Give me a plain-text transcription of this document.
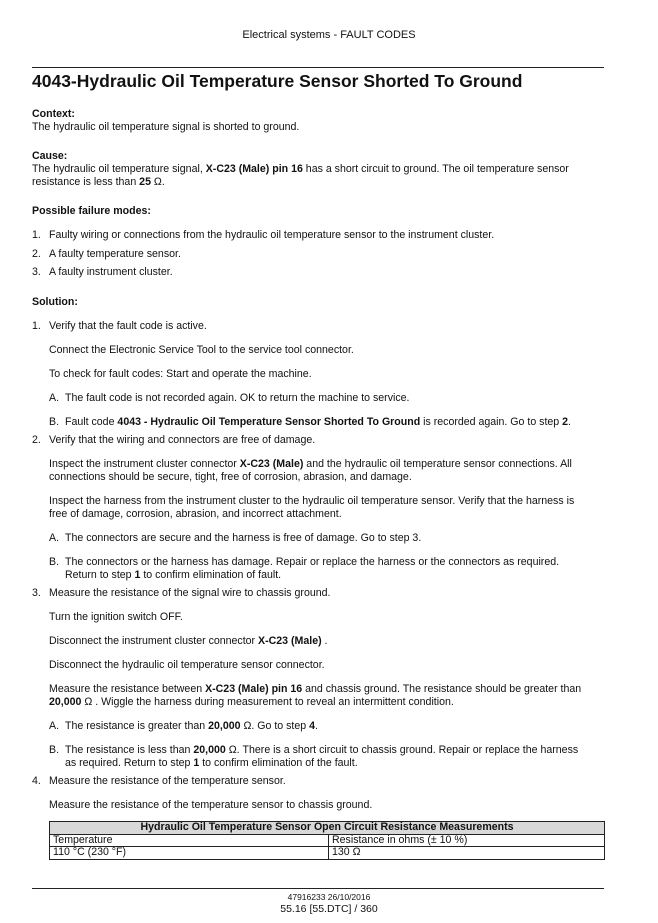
Electrical systems - FAULT CODES
4043-Hydraulic Oil Temperature Sensor Shorted To Ground
Context:
The hydraulic oil temperature signal is shorted to ground.
Cause:
The hydraulic oil temperature signal, X-C23 (Male) pin 16 has a short circuit to ground. The oil temperature sensor
resistance is less than 25 Ω.
Possible failure modes:
1. Faulty wiring or connections from the hydraulic oil temperature sensor to the instrument cluster.
2. A faulty temperature sensor.
3. A faulty instrument cluster.
Solution:
1. Verify that the fault code is active.
Connect the Electronic Service Tool to the service tool connector.
To check for fault codes: Start and operate the machine.
A. The fault code is not recorded again. OK to return the machine to service.
B. Fault code 4043 - Hydraulic Oil Temperature Sensor Shorted To Ground is recorded again. Go to step 2.
2. Verify that the wiring and connectors are free of damage.
Inspect the instrument cluster connector X-C23 (Male) and the hydraulic oil temperature sensor connections. All
connections should be secure, tight, free of corrosion, abrasion, and damage.
Inspect the harness from the instrument cluster to the hydraulic oil temperature sensor. Verify that the harness is
free of damage, corrosion, abrasion, and incorrect attachment.
A. The connectors are secure and the harness is free of damage. Go to step 3.
B. The connectors or the harness has damage. Repair or replace the harness or the connectors as required.
Return to step 1 to confirm elimination of fault.
3. Measure the resistance of the signal wire to chassis ground.
Turn the ignition switch OFF.
Disconnect the instrument cluster connector X-C23 (Male) .
Disconnect the hydraulic oil temperature sensor connector.
Measure the resistance between X-C23 (Male) pin 16 and chassis ground. The resistance should be greater than
20,000 Ω . Wiggle the harness during measurement to reveal an intermittent condition.
A. The resistance is greater than 20,000 Ω. Go to step 4.
B. The resistance is less than 20,000 Ω. There is a short circuit to chassis ground. Repair or replace the harness
as required. Return to step 1 to confirm elimination of the fault.
4. Measure the resistance of the temperature sensor.
Measure the resistance of the temperature sensor to chassis ground.
Hydraulic Oil Temperature Sensor Open Circuit Resistance Measurements	
Temperature	Resistance in ohms (± 10 %)
110 °C (230 °F)	130 Ω
47916233 26/10/2016
55.16 [55.DTC] / 360
